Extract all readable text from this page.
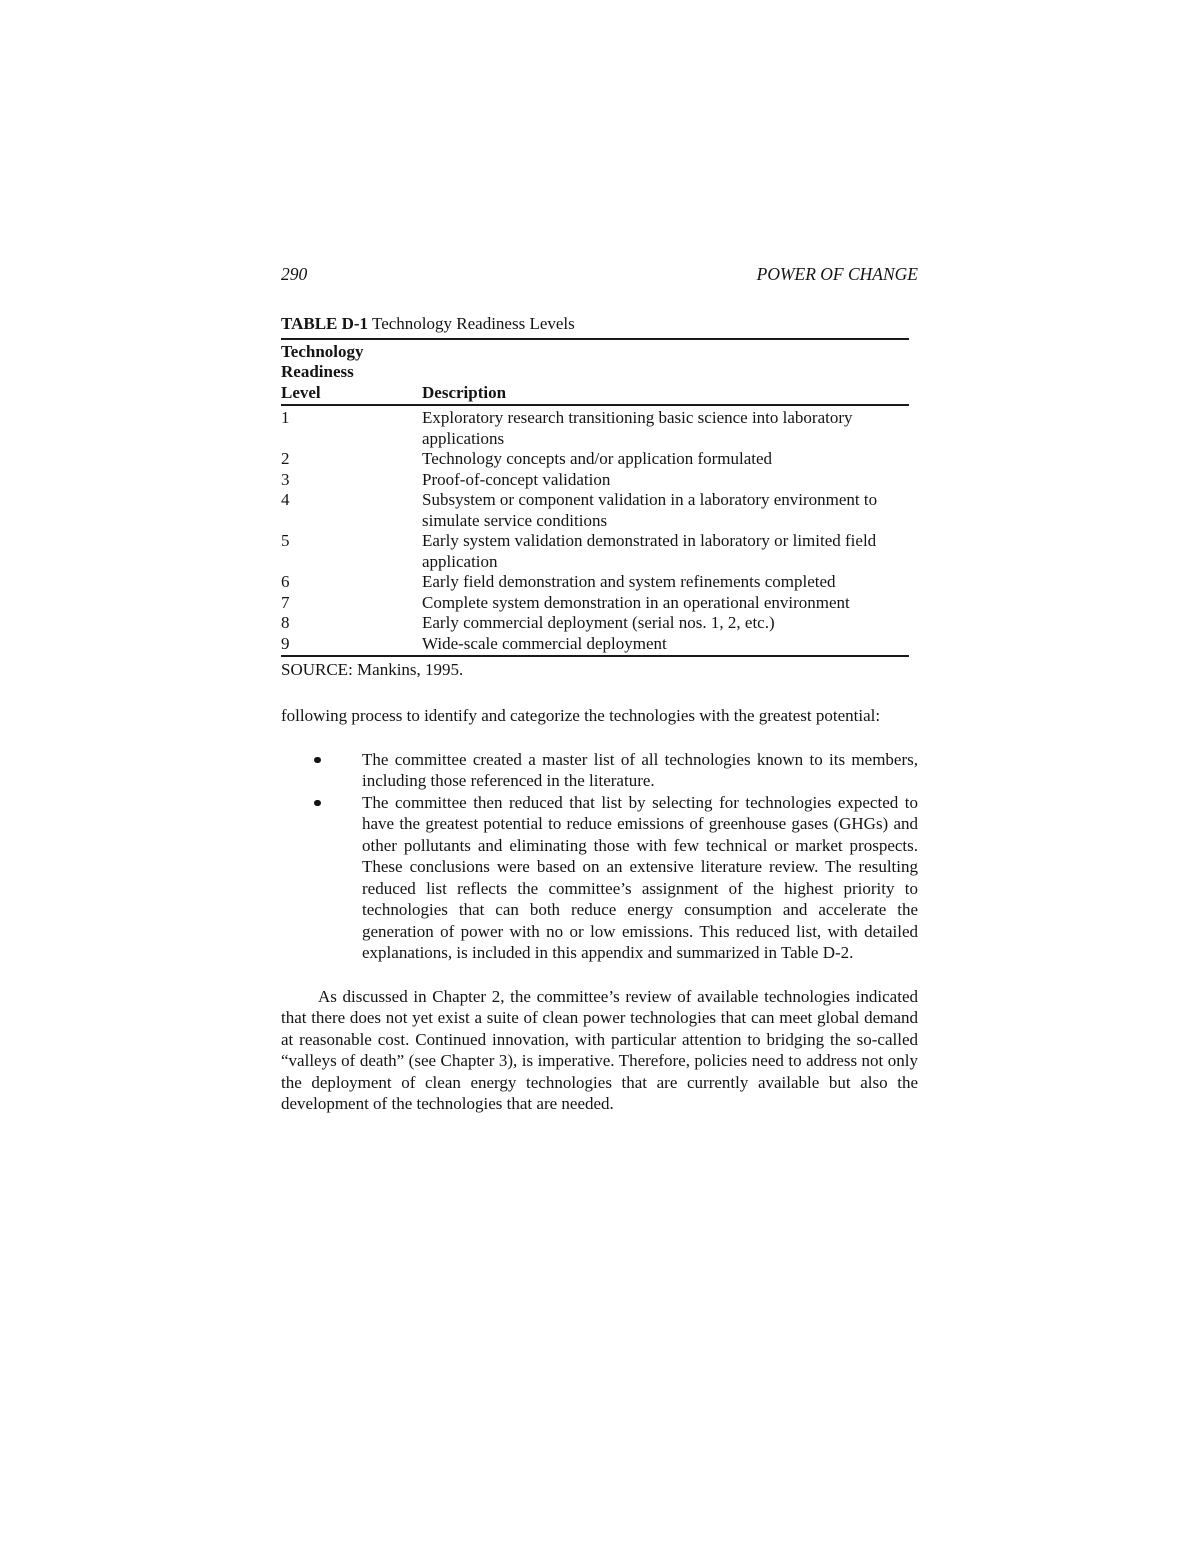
290	POWER OF CHANGE
TABLE D-1 Technology Readiness Levels
Technology
Readiness
Level	Description
1	Exploratory research transitioning basic science into laboratory applications
2	Technology concepts and/or application formulated
3	Proof-of-concept validation
4	Subsystem or component validation in a laboratory environment to simulate service conditions
5	Early system validation demonstrated in laboratory or limited field application
6	Early field demonstration and system refinements completed
7	Complete system demonstration in an operational environment
8	Early commercial deployment (serial nos. 1, 2, etc.)
9	Wide-scale commercial deployment
SOURCE: Mankins, 1995.

following process to identify and categorize the technologies with the greatest potential:

The committee created a master list of all technologies known to its members, including those referenced in the literature.
The committee then reduced that list by selecting for technologies expected to have the greatest potential to reduce emissions of greenhouse gases (GHGs) and other pollutants and eliminating those with few technical or market prospects. These conclusions were based on an extensive literature review. The resulting reduced list reflects the committee’s assignment of the highest priority to technologies that can both reduce energy consumption and accelerate the generation of power with no or low emissions. This reduced list, with detailed explanations, is included in this appendix and summarized in Table D-2.

As discussed in Chapter 2, the committee’s review of available technologies indicated that there does not yet exist a suite of clean power technologies that can meet global demand at reasonable cost. Continued innovation, with particular attention to bridging the so-called “valleys of death” (see Chapter 3), is imperative. Therefore, policies need to address not only the deployment of clean energy technologies that are currently available but also the development of the technologies that are needed.
